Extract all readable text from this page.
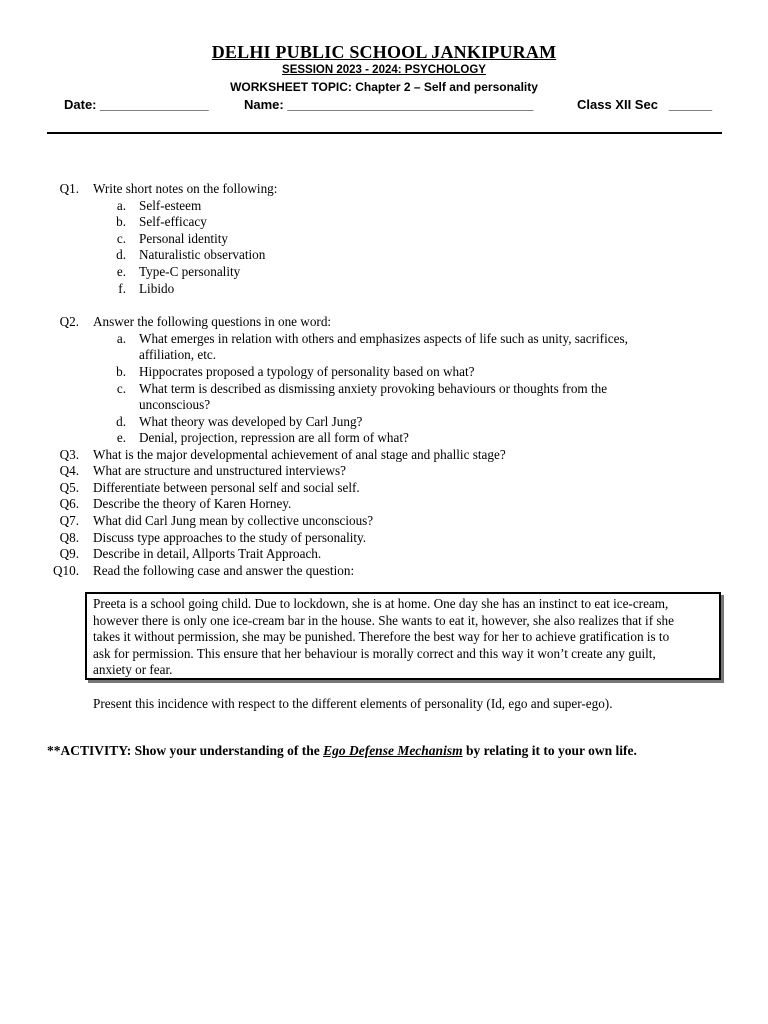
DELHI PUBLIC SCHOOL JANKIPURAM
SESSION 2023 - 2024: PSYCHOLOGY
WORKSHEET TOPIC: Chapter 2 – Self and personality
Date: _______________	Name: __________________________________	Class XII Sec   ______
Q1. Write short notes on the following:
a. Self-esteem
b. Self-efficacy
c. Personal identity
d. Naturalistic observation
e. Type-C personality
f. Libido
Q2. Answer the following questions in one word:
a. What emerges in relation with others and emphasizes aspects of life such as unity, sacrifices,
affiliation, etc.
b. Hippocrates proposed a typology of personality based on what?
c. What term is described as dismissing anxiety provoking behaviours or thoughts from the
unconscious?
d. What theory was developed by Carl Jung?
e. Denial, projection, repression are all form of what?
Q3. What is the major developmental achievement of anal stage and phallic stage?
Q4. What are structure and unstructured interviews?
Q5. Differentiate between personal self and social self.
Q6. Describe the theory of Karen Horney.
Q7. What did Carl Jung mean by collective unconscious?
Q8. Discuss type approaches to the study of personality.
Q9. Describe in detail, Allports Trait Approach.
Q10. Read the following case and answer the question:
Preeta is a school going child. Due to lockdown, she is at home. One day she has an instinct to eat ice-cream,
however there is only one ice-cream bar in the house. She wants to eat it, however, she also realizes that if she
takes it without permission, she may be punished. Therefore the best way for her to achieve gratification is to
ask for permission. This ensure that her behaviour is morally correct and this way it won’t create any guilt,
anxiety or fear.
Present this incidence with respect to the different elements of personality (Id, ego and super-ego).
**ACTIVITY: Show your understanding of the Ego Defense Mechanism by relating it to your own life.
